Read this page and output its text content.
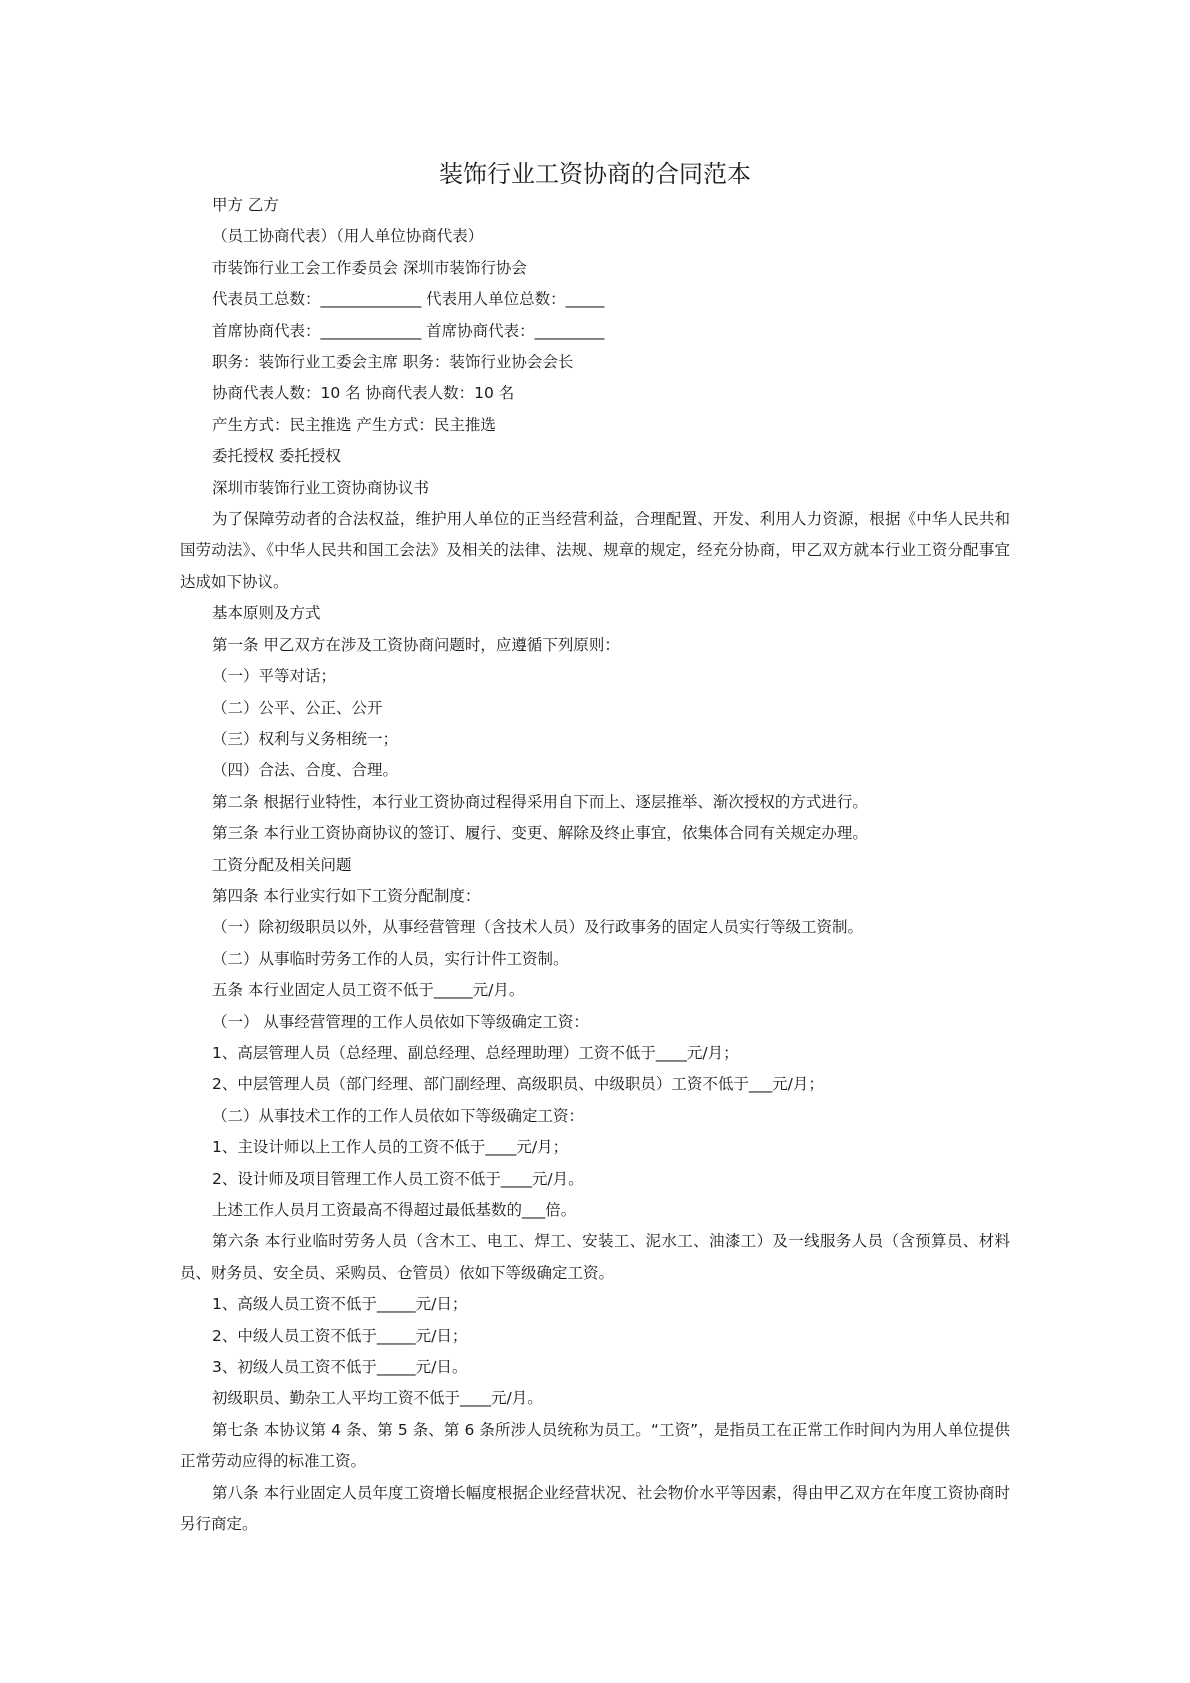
装饰行业工资协商的合同范本

甲方 乙方

（员工协商代表）（用人单位协商代表）

市装饰行业工会工作委员会 深圳市装饰行协会

代表员工总数：_____________ 代表用人单位总数：_____

首席协商代表：_____________ 首席协商代表：_________

职务：装饰行业工委会主席 职务：装饰行业协会会长

协商代表人数：10 名 协商代表人数：10 名

产生方式：民主推选 产生方式：民主推选

委托授权 委托授权

深圳市装饰行业工资协商协议书

为了保障劳动者的合法权益，维护用人单位的正当经营利益，合理配置、开发、利用人力资源，根据《中华人民共和国劳动法》、《中华人民共和国工会法》及相关的法律、法规、规章的规定，经充分协商，甲乙双方就本行业工资分配事宜达成如下协议。

基本原则及方式

第一条 甲乙双方在涉及工资协商问题时，应遵循下列原则：

（一）平等对话；

（二）公平、公正、公开

（三）权利与义务相统一；

（四）合法、合度、合理。

第二条 根据行业特性，本行业工资协商过程得采用自下而上、逐层推举、渐次授权的方式进行。

第三条 本行业工资协商协议的签订、履行、变更、解除及终止事宜，依集体合同有关规定办理。

工资分配及相关问题

第四条 本行业实行如下工资分配制度：

（一）除初级职员以外，从事经营管理（含技术人员）及行政事务的固定人员实行等级工资制。

（二）从事临时劳务工作的人员，实行计件工资制。

五条 本行业固定人员工资不低于_____元/月。

（一） 从事经营管理的工作人员依如下等级确定工资：

1、高层管理人员（总经理、副总经理、总经理助理）工资不低于____元/月；

2、中层管理人员（部门经理、部门副经理、高级职员、中级职员）工资不低于___元/月；

（二）从事技术工作的工作人员依如下等级确定工资：

1、主设计师以上工作人员的工资不低于____元/月；

2、设计师及项目管理工作人员工资不低于____元/月。

上述工作人员月工资最高不得超过最低基数的___倍。

第六条 本行业临时劳务人员（含木工、电工、焊工、安装工、泥水工、油漆工）及一线服务人员（含预算员、材料员、财务员、安全员、采购员、仓管员）依如下等级确定工资。

1、高级人员工资不低于_____元/日；

2、中级人员工资不低于_____元/日；

3、初级人员工资不低于_____元/日。

初级职员、勤杂工人平均工资不低于____元/月。

第七条 本协议第 4 条、第 5 条、第 6 条所涉人员统称为员工。“工资”，是指员工在正常工作时间内为用人单位提供正常劳动应得的标准工资。

第八条 本行业固定人员年度工资增长幅度根据企业经营状况、社会物价水平等因素，得由甲乙双方在年度工资协商时另行商定。
